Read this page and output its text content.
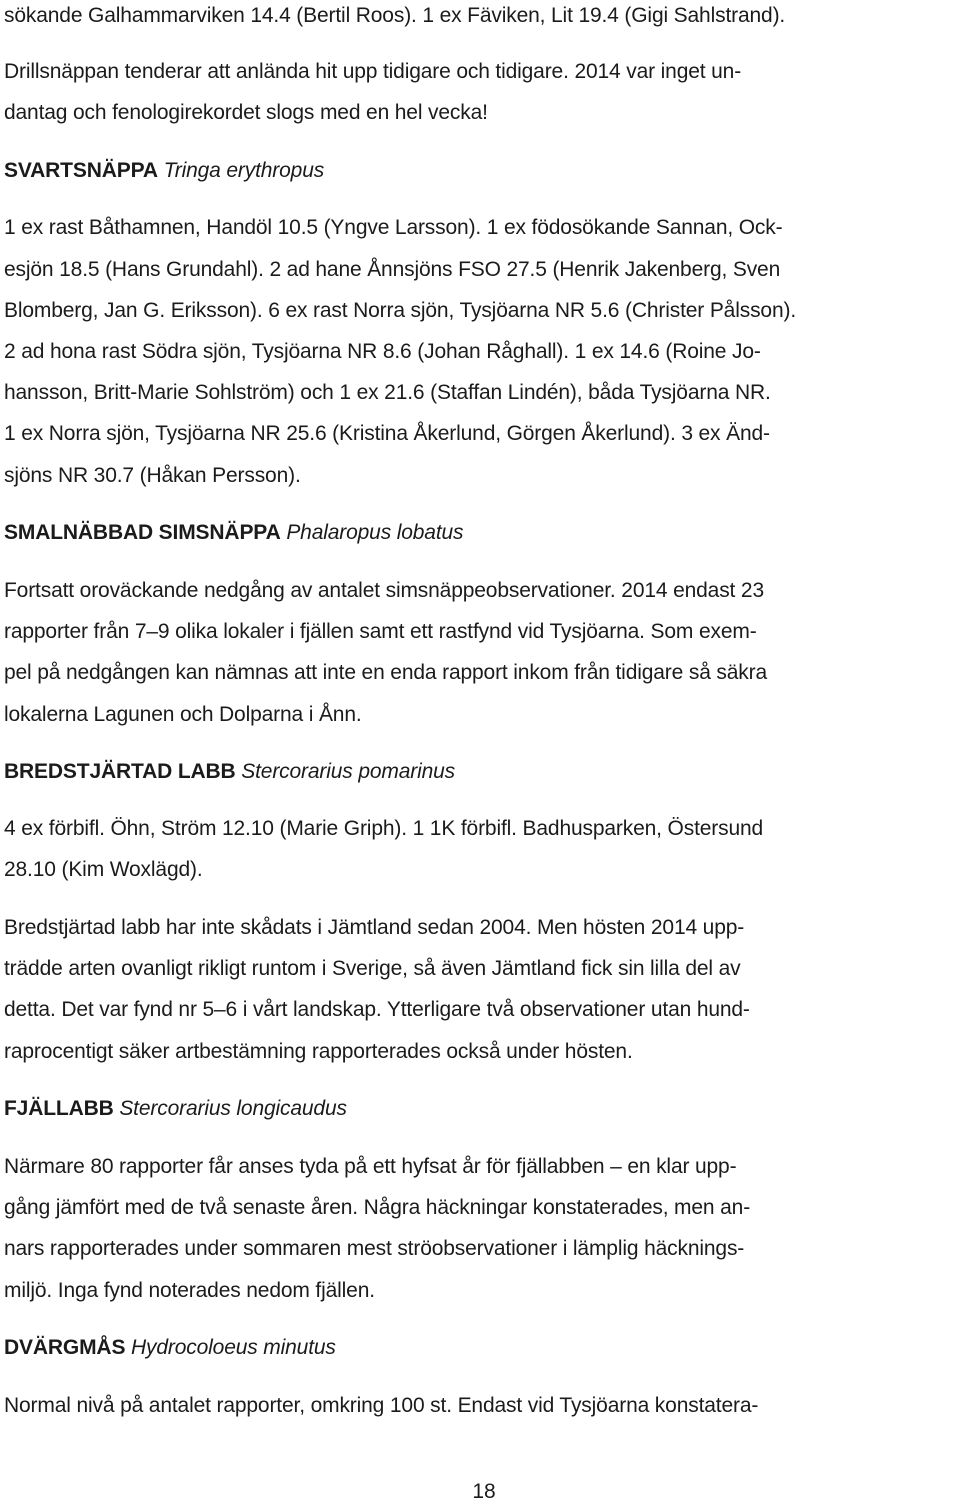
sökande Galhammarviken 14.4 (Bertil Roos). 1 ex Fäviken, Lit 19.4 (Gigi Sahlstrand).
Drillsnäppan tenderar att anlända hit upp tidigare och tidigare. 2014 var inget un-
dantag och fenologirekordet slogs med en hel vecka!
SVARTSNÄPPA Tringa erythropus
1 ex rast Båthamnen, Handöl 10.5 (Yngve Larsson). 1 ex födosökande Sannan, Ock-
esjön 18.5 (Hans Grundahl). 2 ad hane Ånnsjöns FSO 27.5 (Henrik Jakenberg, Sven
Blomberg, Jan G. Eriksson). 6 ex rast Norra sjön, Tysjöarna NR 5.6 (Christer Pålsson).
2 ad hona rast Södra sjön, Tysjöarna NR 8.6 (Johan Råghall). 1 ex 14.6 (Roine Jo-
hansson, Britt-Marie Sohlström) och 1 ex 21.6 (Staffan Lindén), båda Tysjöarna NR.
1 ex Norra sjön, Tysjöarna NR 25.6 (Kristina Åkerlund, Görgen Åkerlund). 3 ex Änd-
sjöns NR 30.7 (Håkan Persson).
SMALNÄBBAD SIMSNÄPPA Phalaropus lobatus
Fortsatt oroväckande nedgång av antalet simsnäppeobservationer. 2014 endast 23
rapporter från 7–9 olika lokaler i fjällen samt ett rastfynd vid Tysjöarna. Som exem-
pel på nedgången kan nämnas att inte en enda rapport inkom från tidigare så säkra
lokalerna Lagunen och Dolparna i Ånn.
BREDSTJÄRTAD LABB Stercorarius pomarinus
4 ex förbifl. Öhn, Ström 12.10 (Marie Griph). 1 1K förbifl. Badhusparken, Östersund
28.10 (Kim Woxlägd).
Bredstjärtad labb har inte skådats i Jämtland sedan 2004. Men hösten 2014 upp-
trädde arten ovanligt rikligt runtom i Sverige, så även Jämtland fick sin lilla del av
detta. Det var fynd nr 5–6 i vårt landskap. Ytterligare två observationer utan hund-
raprocentigt säker artbestämning rapporterades också under hösten.
FJÄLLABB Stercorarius longicaudus
Närmare 80 rapporter får anses tyda på ett hyfsat år för fjällabben – en klar upp-
gång jämfört med de två senaste åren. Några häckningar konstaterades, men an-
nars rapporterades under sommaren mest ströobservationer i lämplig häcknings-
miljö. Inga fynd noterades nedom fjällen.
DVÄRGMÅS Hydrocoloeus minutus
Normal nivå på antalet rapporter, omkring 100 st. Endast vid Tysjöarna konstatera-
18
